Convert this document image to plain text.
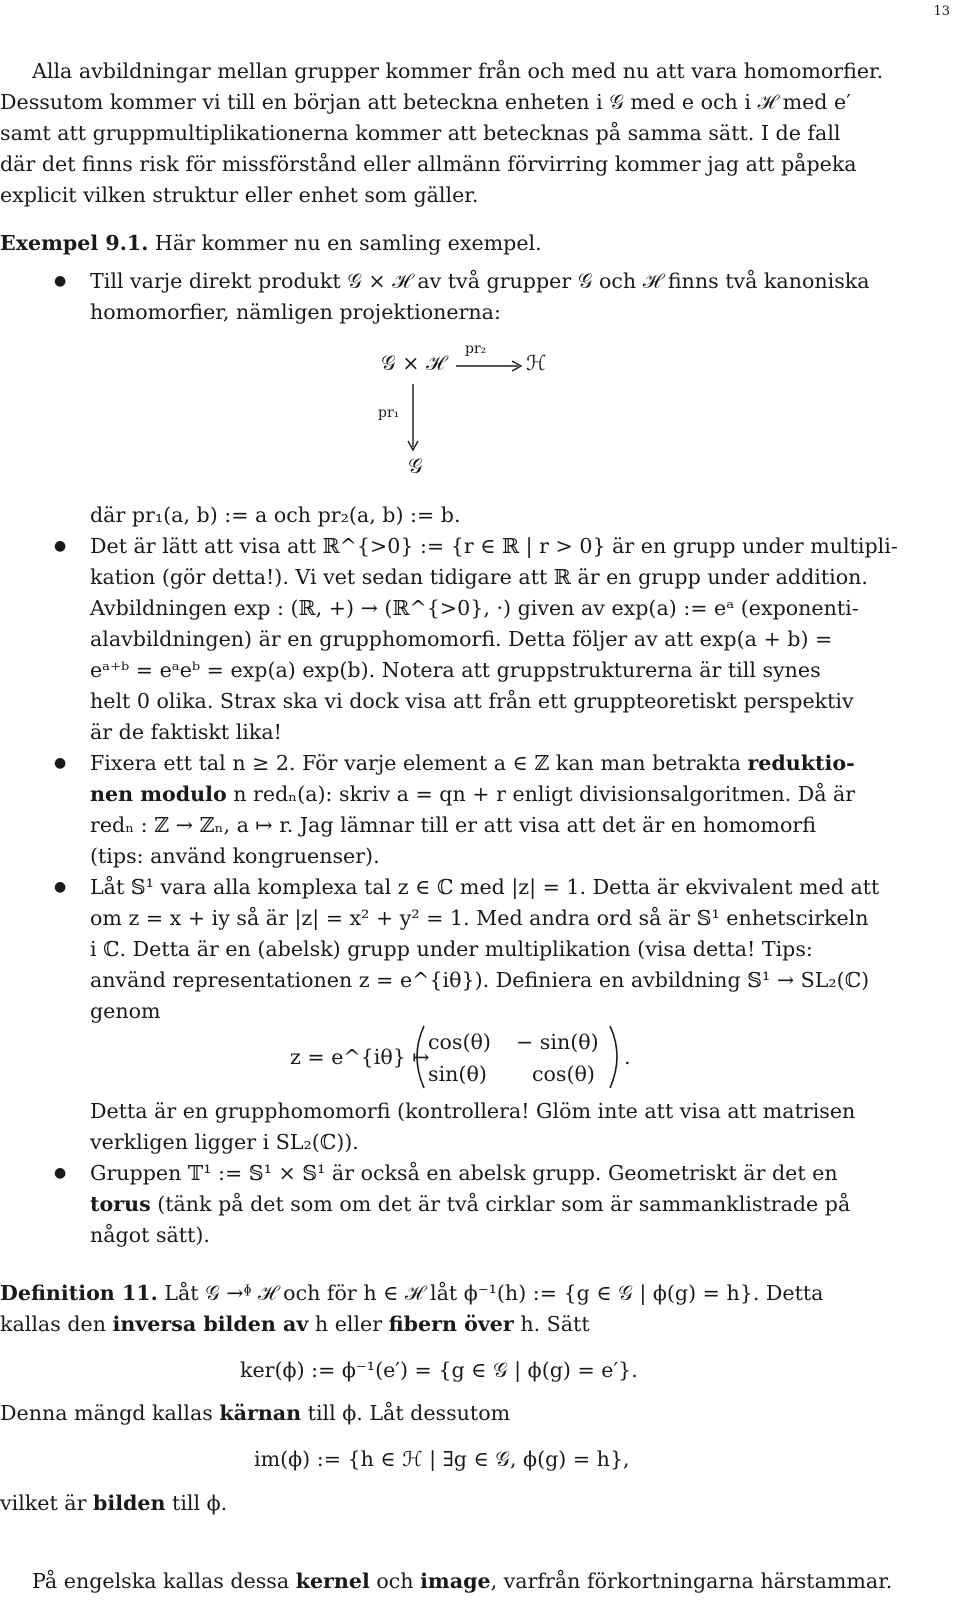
13
Alla avbildningar mellan grupper kommer från och med nu att vara homomorfier.
Dessutom kommer vi till en början att beteckna enheten i 𝒢 med e och i ℋ med e′
samt att gruppmultiplikationerna kommer att betecknas på samma sätt. I de fall
där det finns risk för missförstånd eller allmänn förvirring kommer jag att påpeka
explicit vilken struktur eller enhet som gäller.
Exempel 9.1. Här kommer nu en samling exempel.
● Till varje direkt produkt 𝒢 × ℋ av två grupper 𝒢 och ℋ finns två kanoniska
homomorfier, nämligen projektionerna:
𝒢 × ℋ	ℋ
𝒢
pr₂
pr₁
där pr₁(a, b) := a och pr₂(a, b) := b.
● Det är lätt att visa att ℝ^{>0} := {r ∈ ℝ | r > 0} är en grupp under multipli-
kation (gör detta!). Vi vet sedan tidigare att ℝ är en grupp under addition.
Avbildningen exp : (ℝ, +) → (ℝ^{>0}, ·) given av exp(a) := eᵃ (exponenti-
alavbildningen) är en grupphomomorfi. Detta följer av att exp(a + b) =
eᵃ⁺ᵇ = eᵃeᵇ = exp(a) exp(b). Notera att gruppstrukturerna är till synes
helt 0 olika. Strax ska vi dock visa att från ett gruppteoretiskt perspektiv
är de faktiskt lika!
● Fixera ett tal n ≥ 2. För varje element a ∈ ℤ kan man betrakta reduktio-
nen modulo n redₙ(a): skriv a = qn + r enligt divisionsalgoritmen. Då är
redₙ : ℤ → ℤₙ, a ↦ r. Jag lämnar till er att visa att det är en homomorfi
(tips: använd kongruenser).
● Låt 𝕊¹ vara alla komplexa tal z ∈ ℂ med |z| = 1. Detta är ekvivalent med att
om z = x + iy så är |z| = x² + y² = 1. Med andra ord så är 𝕊¹ enhetscirkeln
i ℂ. Detta är en (abelsk) grupp under multiplikation (visa detta! Tips:
använd representationen z = e^{iθ}). Definiera en avbildning 𝕊¹ → SL₂(ℂ)
genom
z = e^{iθ} ↦
cos(θ) − sin(θ)
sin(θ) cos(θ)
.
Detta är en grupphomomorfi (kontrollera! Glöm inte att visa att matrisen
verkligen ligger i SL₂(ℂ)).
● Gruppen 𝕋¹ := 𝕊¹ × 𝕊¹ är också en abelsk grupp. Geometriskt är det en
torus (tänk på det som om det är två cirklar som är sammanklistrade på
något sätt).
Definition 11. Låt 𝒢 →ᶲ ℋ och för h ∈ ℋ låt ϕ⁻¹(h) := {g ∈ 𝒢 | ϕ(g) = h}. Detta
kallas den inversa bilden av h eller fibern över h. Sätt
ker(ϕ) := ϕ⁻¹(e′) = {g ∈ 𝒢 | ϕ(g) = e′}.
Denna mängd kallas kärnan till ϕ. Låt dessutom
im(ϕ) := {h ∈ ℋ | ∃g ∈ 𝒢, ϕ(g) = h},
vilket är bilden till ϕ.
På engelska kallas dessa kernel och image, varfrån förkortningarna härstammar.
